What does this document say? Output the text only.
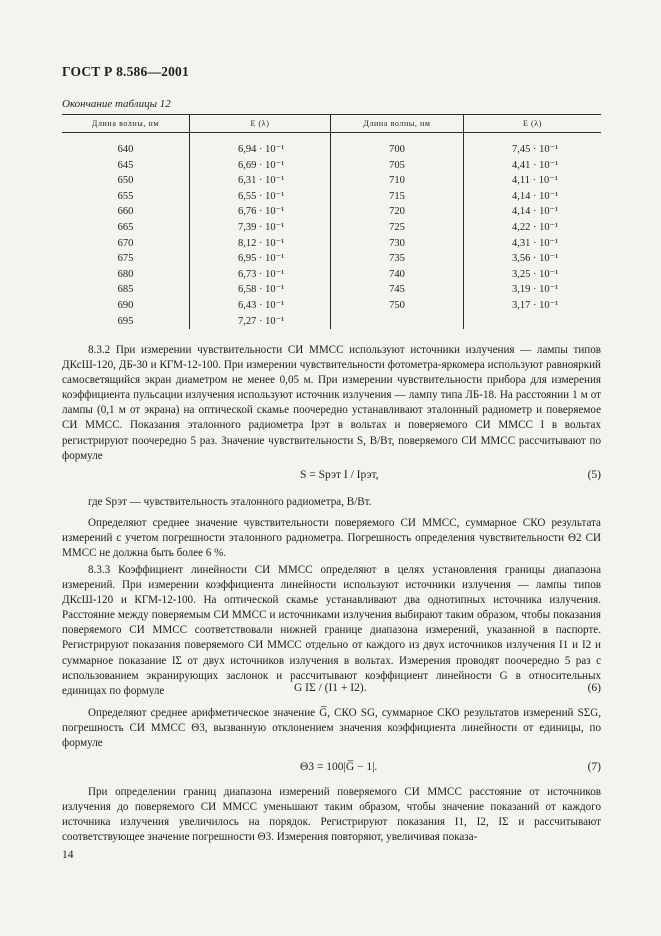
ГОСТ Р 8.586—2001
Окончание таблицы 12
Длина волны, нм	E (λ)	Длина волны, нм	E (λ)
640	6,94 · 10⁻¹	700	7,45 · 10⁻¹
645	6,69 · 10⁻¹	705	4,41 · 10⁻¹
650	6,31 · 10⁻¹	710	4,11 · 10⁻¹
655	6,55 · 10⁻¹	715	4,14 · 10⁻¹
660	6,76 · 10⁻¹	720	4,14 · 10⁻¹
665	7,39 · 10⁻¹	725	4,22 · 10⁻¹
670	8,12 · 10⁻¹	730	4,31 · 10⁻¹
675	6,95 · 10⁻¹	735	3,56 · 10⁻¹
680	6,73 · 10⁻¹	740	3,25 · 10⁻¹
685	6,58 · 10⁻¹	745	3,19 · 10⁻¹
690	6,43 · 10⁻¹	750	3,17 · 10⁻¹
695	7,27 · 10⁻¹		

8.3.2 При измерении чувствительности СИ ММСС используют источники излучения — лампы типов ДКсШ-120, ДБ-30 и КГМ-12-100. При измерении чувствительности фотометра-яркомера используют равнояркий самосветящийся экран диаметром не менее 0,05 м. При измерении чувствительности прибора для измерения коэффициента пульсации излучения используют источник излучения — лампу типа ЛБ-18. На расстоянии 1 м от лампы (0,1 м от экрана) на оптической скамье поочередно устанавливают эталонный радиометр и поверяемое СИ ММСС. Показания эталонного радиометра Iрэт в вольтах и поверяемого СИ ММСС I в вольтах регистрируют поочередно 5 раз. Значение чувствительности S, В/Вт, поверяемого СИ ММСС рассчитывают по формуле

S = Sрэт I / Iрэт,	(5)

где Sрэт — чувствительность эталонного радиометра, В/Вт.

Определяют среднее значение чувствительности поверяемого СИ ММСС, суммарное СКО результата измерений с учетом погрешности эталонного радиометра. Погрешность определения чувствительности Θ2 СИ ММСС не должна быть более 6 %.

8.3.3 Коэффициент линейности СИ ММСС определяют в целях установления границы диапазона измерений. При измерении коэффициента линейности используют источники излучения — лампы типов ДКсШ-120 и КГМ-12-100. На оптической скамье устанавливают два однотипных источника излучения. Расстояние между поверяемым СИ ММСС и источниками излучения выбирают таким образом, чтобы показания поверяемого СИ ММСС соответствовали нижней границе диапазона измерений, указанной в паспорте. Регистрируют показания поверяемого СИ ММСС отдельно от каждого из двух источников излучения I1 и I2 и суммарное показание IΣ от двух источников излучения в вольтах. Измерения проводят поочередно 5 раз с использованием экранирующих заслонок и рассчитывают коэффициент линейности G в относительных единицах по формуле	G IΣ / (I1 + I2).	(6)

Определяют среднее арифметическое значение G̅, СКО SG, суммарное СКО результатов измерений SΣG, погрешность СИ ММСС Θ3, вызванную отклонением значения коэффициента линейности от единицы, по формуле

Θ3 = 100|G̅ − 1|.	(7)

При определении границ диапазона измерений поверяемого СИ ММСС расстояние от источников излучения до поверяемого СИ ММСС уменьшают таким образом, чтобы значение показаний от каждого источника излучения увеличилось на порядок. Регистрируют показания I1, I2, IΣ и рассчитывают соответствующее значение погрешности Θ3. Измерения повторяют, увеличивая показа-

14
